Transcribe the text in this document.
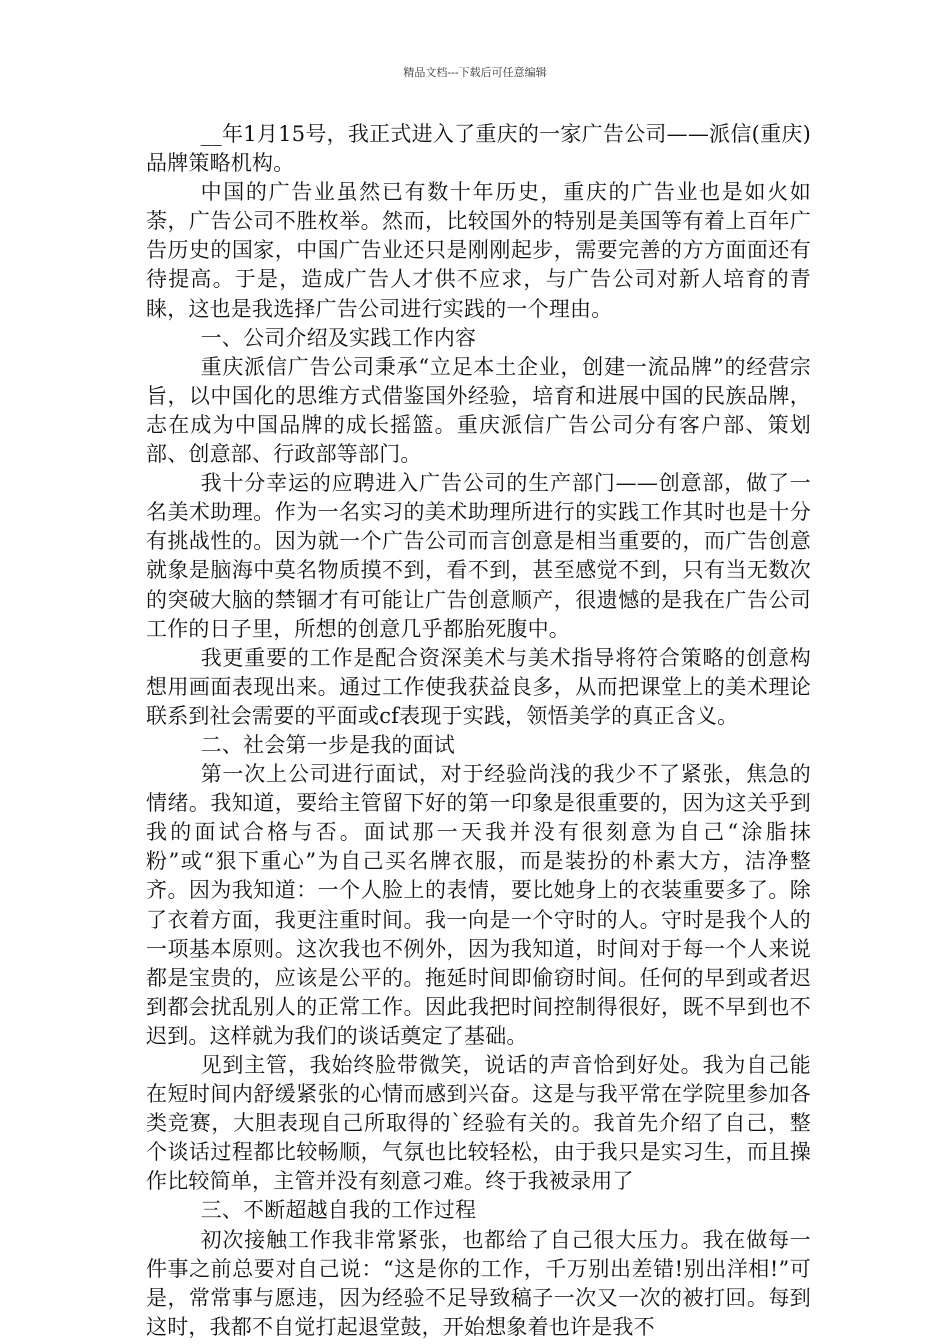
精品文档---下载后可任意编辑

__年1月15号，我正式进入了重庆的一家广告公司——派信(重庆)品牌策略机构。

中国的广告业虽然已有数十年历史，重庆的广告业也是如火如荼，广告公司不胜枚举。然而，比较国外的特别是美国等有着上百年广告历史的国家，中国广告业还只是刚刚起步，需要完善的方方面面还有待提高。于是，造成广告人才供不应求，与广告公司对新人培育的青睐，这也是我选择广告公司进行实践的一个理由。

一、公司介绍及实践工作内容

重庆派信广告公司秉承“立足本土企业，创建一流品牌”的经营宗旨，以中国化的思维方式借鉴国外经验，培育和进展中国的民族品牌，志在成为中国品牌的成长摇篮。重庆派信广告公司分有客户部、策划部、创意部、行政部等部门。

我十分幸运的应聘进入广告公司的生产部门——创意部，做了一名美术助理。作为一名实习的美术助理所进行的实践工作其时也是十分有挑战性的。因为就一个广告公司而言创意是相当重要的，而广告创意就象是脑海中莫名物质摸不到，看不到，甚至感觉不到，只有当无数次的突破大脑的禁锢才有可能让广告创意顺产，很遗憾的是我在广告公司工作的日子里，所想的创意几乎都胎死腹中。

我更重要的工作是配合资深美术与美术指导将符合策略的创意构想用画面表现出来。通过工作使我获益良多，从而把课堂上的美术理论联系到社会需要的平面或cf表现于实践，领悟美学的真正含义。

二、社会第一步是我的面试

第一次上公司进行面试，对于经验尚浅的我少不了紧张，焦急的情绪。我知道，要给主管留下好的第一印象是很重要的，因为这关乎到我的面试合格与否。面试那一天我并没有很刻意为自己“涂脂抹粉”或“狠下重心”为自己买名牌衣服，而是装扮的朴素大方，洁净整齐。因为我知道：一个人脸上的表情，要比她身上的衣装重要多了。除了衣着方面，我更注重时间。我一向是一个守时的人。守时是我个人的一项基本原则。这次我也不例外，因为我知道，时间对于每一个人来说都是宝贵的，应该是公平的。拖延时间即偷窃时间。任何的早到或者迟到都会扰乱别人的正常工作。因此我把时间控制得很好，既不早到也不迟到。这样就为我们的谈话奠定了基础。

见到主管，我始终脸带微笑，说话的声音恰到好处。我为自己能在短时间内舒缓紧张的心情而感到兴奋。这是与我平常在学院里参加各类竞赛，大胆表现自己所取得的`经验有关的。我首先介绍了自己，整个谈话过程都比较畅顺，气氛也比较轻松，由于我只是实习生，而且操作比较简单，主管并没有刻意刁难。终于我被录用了

三、不断超越自我的工作过程

初次接触工作我非常紧张，也都给了自己很大压力。我在做每一件事之前总要对自己说：“这是你的工作，千万别出差错!别出洋相!”可是，常常事与愿违，因为经验不足导致稿子一次又一次的被打回。每到这时，我都不自觉打起退堂鼓，开始想象着也许是我不
